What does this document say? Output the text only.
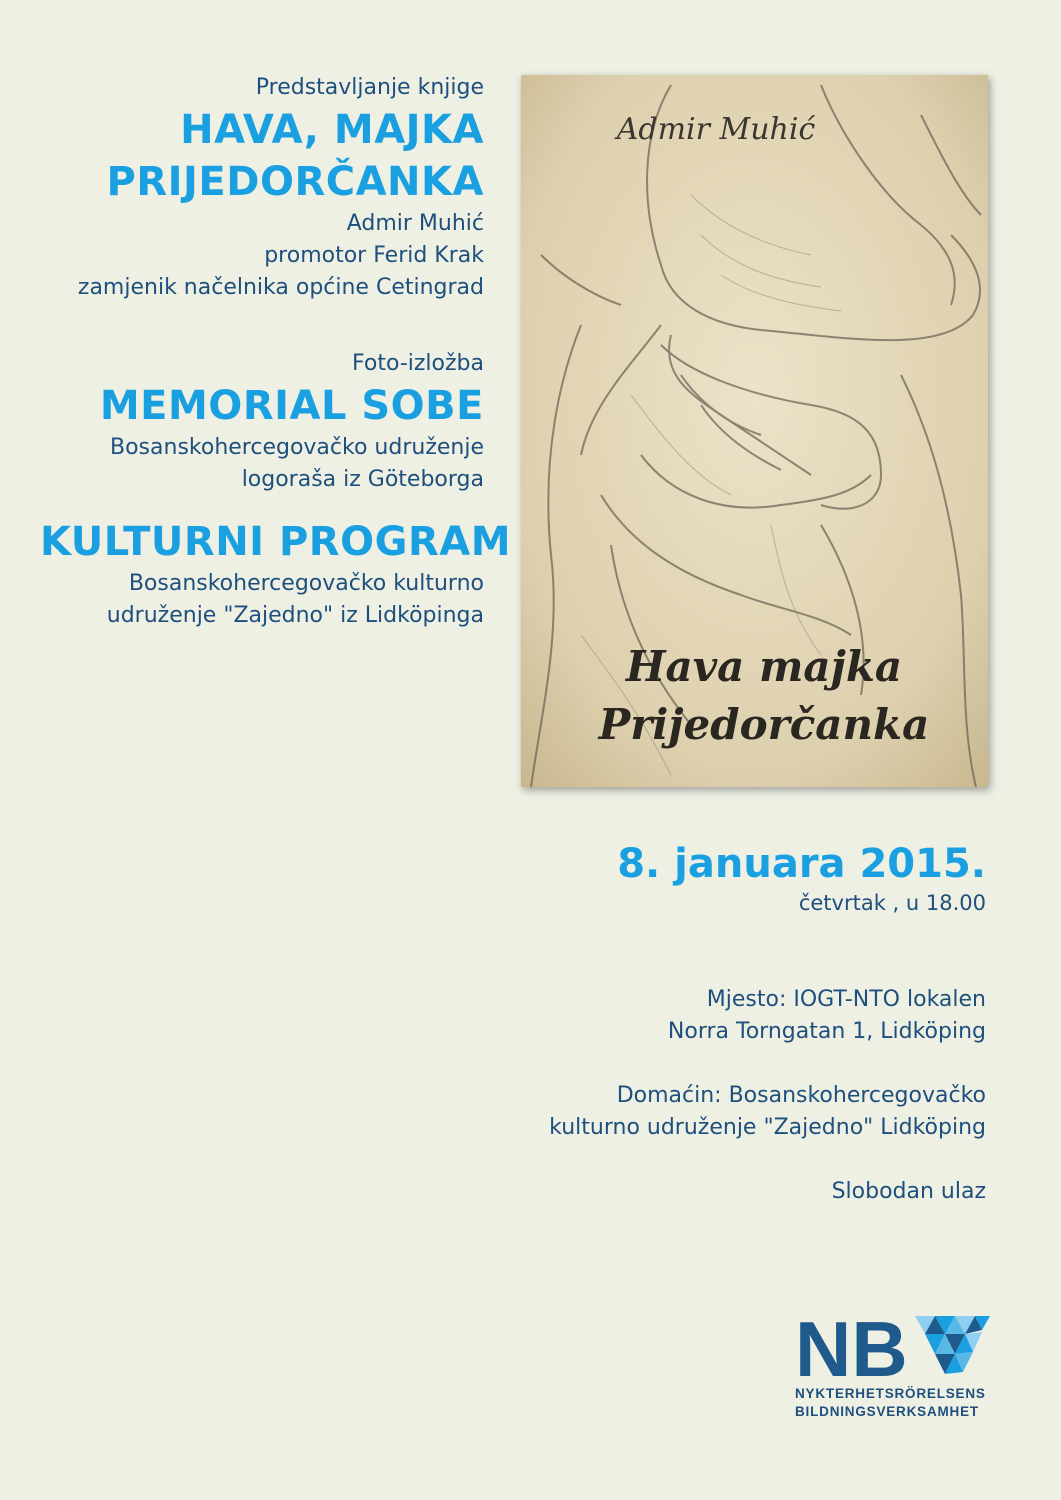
Predstavljanje knjige
HAVA, MAJKA
PRIJEDORČANKA
Admir Muhić
promotor Ferid Krak
zamjenik načelnika općine Cetingrad
Foto-izložba
MEMORIAL SOBE
Bosanskohercegovačko udruženje
logoraša iz Göteborga
KULTURNI PROGRAM
Bosanskohercegovačko kulturno
udruženje "Zajedno" iz Lidköpinga
Admir Muhić
Hava majka
Prijedorčanka
8. januara 2015.
četvrtak , u 18.00
Mjesto: IOGT-NTO lokalen
Norra Torngatan 1, Lidköping
Domaćin: Bosanskohercegovačko
kulturno udruženje "Zajedno" Lidköping
Slobodan ulaz
NB
NYKTERHETSRÖRELSENS
BILDNINGSVERKSAMHET
